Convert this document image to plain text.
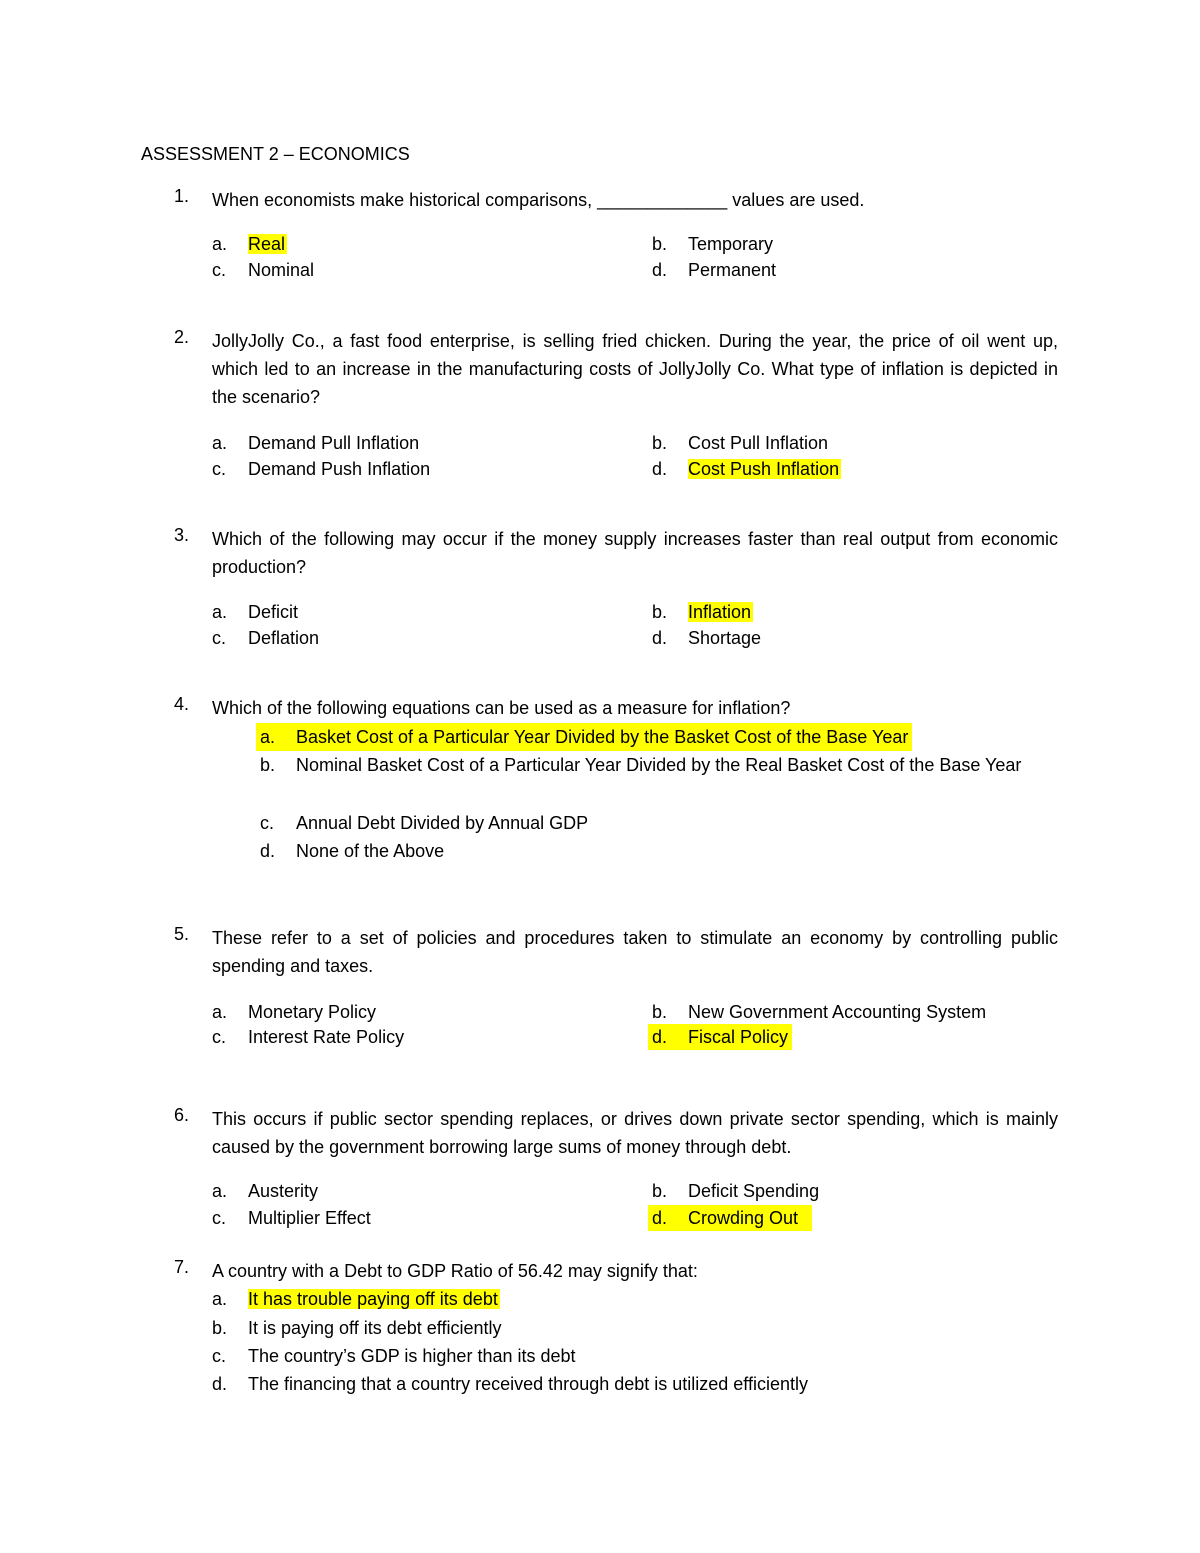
ASSESSMENT 2 – ECONOMICS
1.	When economists make historical comparisons, _____________ values are used.
a. Real	b. Temporary
c. Nominal	d. Permanent
2.	JollyJolly Co., a fast food enterprise, is selling fried chicken. During the year, the price of oil went up, which led to an increase in the manufacturing costs of JollyJolly Co. What type of inflation is depicted in the scenario?
a. Demand Pull Inflation	b. Cost Pull Inflation
c. Demand Push Inflation	d. Cost Push Inflation
3.	Which of the following may occur if the money supply increases faster than real output from economic production?
a. Deficit	b. Inflation
c. Deflation	d. Shortage
4.	Which of the following equations can be used as a measure for inflation?
a. Basket Cost of a Particular Year Divided by the Basket Cost of the Base Year
b.	Nominal Basket Cost of a Particular Year Divided by the Real Basket Cost of the Base Year
c. Annual Debt Divided by Annual GDP
d. None of the Above
5.	These refer to a set of policies and procedures taken to stimulate an economy by controlling public spending and taxes.
a. Monetary Policy	b. New Government Accounting System
c. Interest Rate Policy	d. Fiscal Policy
6.	This occurs if public sector spending replaces, or drives down private sector spending, which is mainly caused by the government borrowing large sums of money through debt.
a. Austerity	b. Deficit Spending
c. Multiplier Effect	d. Crowding Out
7.	A country with a Debt to GDP Ratio of 56.42 may signify that:
a. It has trouble paying off its debt
b. It is paying off its debt efficiently
c. The country’s GDP is higher than its debt
d. The financing that a country received through debt is utilized efficiently
